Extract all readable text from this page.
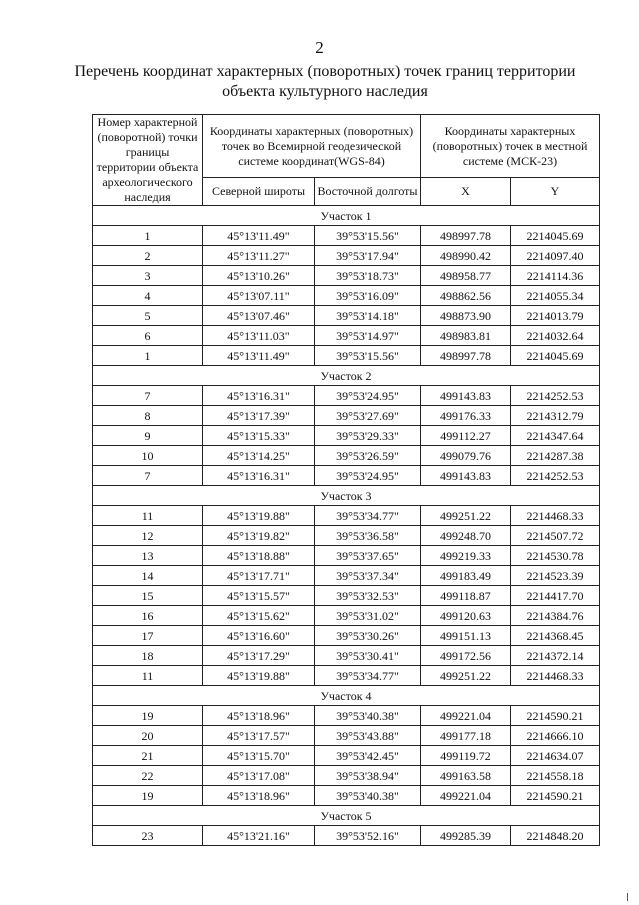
2
Перечень координат характерных (поворотных) точек границ территории
объекта культурного наследия
Номер характерной (поворотной) точки границы территории объекта археологического наследия	Координаты характерных (поворотных) точек во Всемирной геодезической системе координат(WGS-84)		Координаты характерных (поворотных) точек в местной системе (МСК-23)	
	Северной широты	Восточной долготы	X	Y
Участок 1				
1	45°13'11.49"	39°53'15.56"	498997.78	2214045.69
2	45°13'11.27"	39°53'17.94"	498990.42	2214097.40
3	45°13'10.26"	39°53'18.73"	498958.77	2214114.36
4	45°13'07.11"	39°53'16.09"	498862.56	2214055.34
5	45°13'07.46"	39°53'14.18"	498873.90	2214013.79
6	45°13'11.03"	39°53'14.97"	498983.81	2214032.64
1	45°13'11.49"	39°53'15.56"	498997.78	2214045.69
Участок 2				
7	45°13'16.31"	39°53'24.95"	499143.83	2214252.53
8	45°13'17.39"	39°53'27.69"	499176.33	2214312.79
9	45°13'15.33"	39°53'29.33"	499112.27	2214347.64
10	45°13'14.25"	39°53'26.59"	499079.76	2214287.38
7	45°13'16.31"	39°53'24.95"	499143.83	2214252.53
Участок 3				
11	45°13'19.88"	39°53'34.77"	499251.22	2214468.33
12	45°13'19.82"	39°53'36.58"	499248.70	2214507.72
13	45°13'18.88"	39°53'37.65"	499219.33	2214530.78
14	45°13'17.71"	39°53'37.34"	499183.49	2214523.39
15	45°13'15.57"	39°53'32.53"	499118.87	2214417.70
16	45°13'15.62"	39°53'31.02"	499120.63	2214384.76
17	45°13'16.60"	39°53'30.26"	499151.13	2214368.45
18	45°13'17.29"	39°53'30.41"	499172.56	2214372.14
11	45°13'19.88"	39°53'34.77"	499251.22	2214468.33
Участок 4				
19	45°13'18.96"	39°53'40.38"	499221.04	2214590.21
20	45°13'17.57"	39°53'43.88"	499177.18	2214666.10
21	45°13'15.70"	39°53'42.45"	499119.72	2214634.07
22	45°13'17.08"	39°53'38.94"	499163.58	2214558.18
19	45°13'18.96"	39°53'40.38"	499221.04	2214590.21
Участок 5				
23	45°13'21.16"	39°53'52.16"	499285.39	2214848.20
